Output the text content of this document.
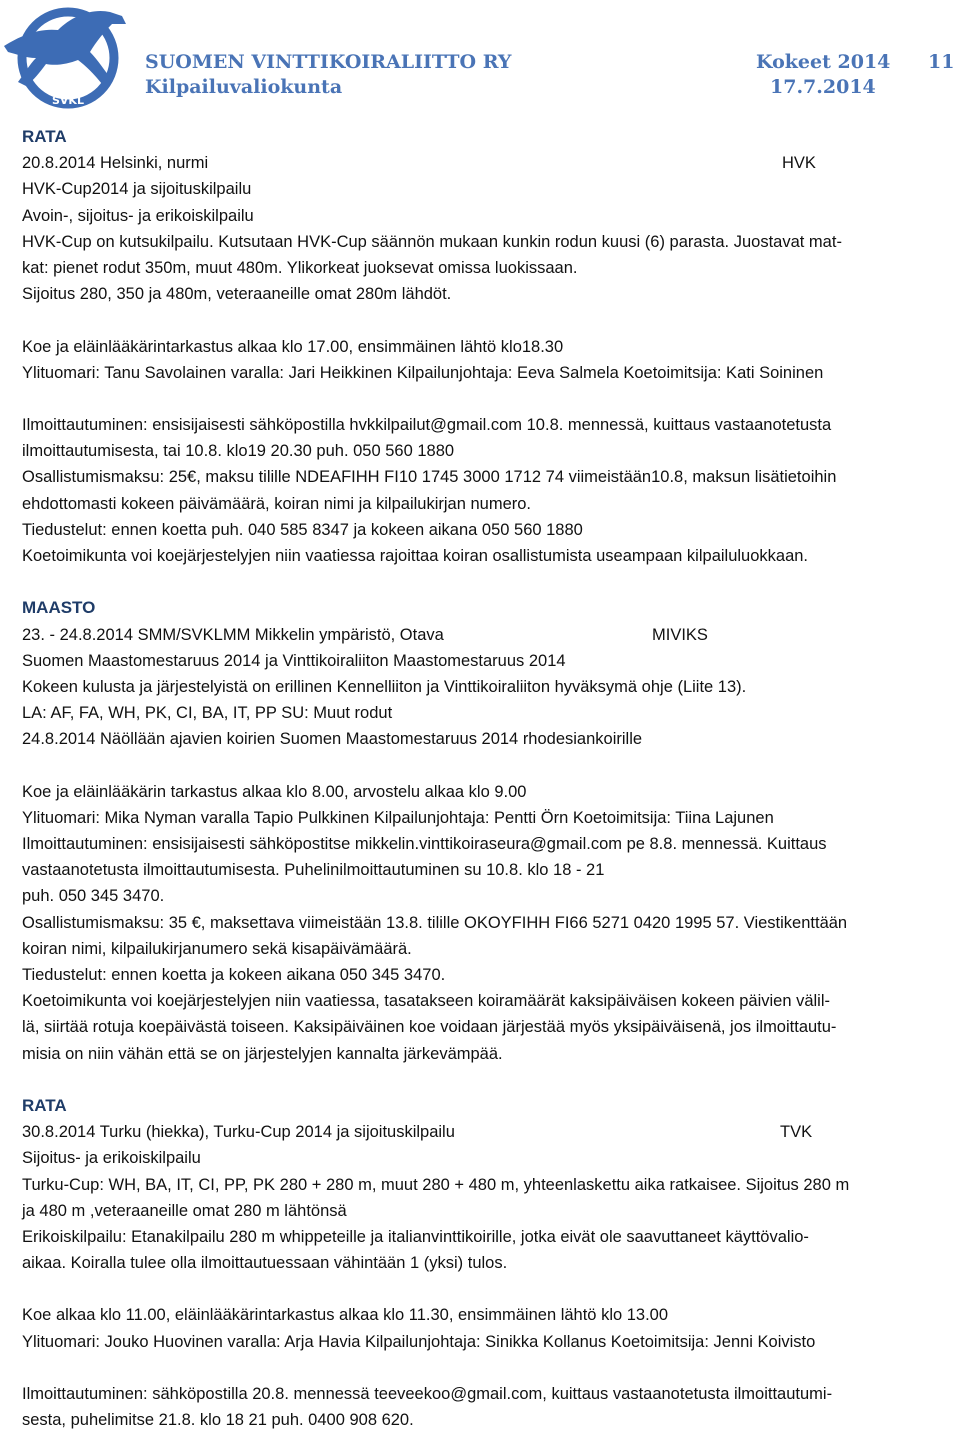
SVKL
SUOMEN VINTTIKOIRALIITTO RY
Kilpailuvaliokunta
Kokeet 2014
17.7.2014
11
RATA
20.8.2014 Helsinki, nurmi	HVK
HVK-Cup2014 ja sijoituskilpailu
Avoin-, sijoitus- ja erikoiskilpailu
HVK-Cup on kutsukilpailu. Kutsutaan HVK-Cup säännön mukaan kunkin rodun kuusi (6) parasta. Juostavat mat-
kat: pienet rodut 350m, muut 480m. Ylikorkeat juoksevat omissa luokissaan.
Sijoitus 280, 350 ja 480m, veteraaneille omat 280m lähdöt.
Koe ja eläinlääkärintarkastus alkaa klo 17.00, ensimmäinen lähtö klo18.30
Ylituomari: Tanu Savolainen varalla: Jari Heikkinen Kilpailunjohtaja: Eeva Salmela Koetoimitsija: Kati Soininen
Ilmoittautuminen: ensisijaisesti sähköpostilla hvkkilpailut@gmail.com 10.8. mennessä, kuittaus vastaanotetusta
ilmoittautumisesta, tai 10.8. klo19 20.30 puh. 050 560 1880
Osallistumismaksu: 25€, maksu tilille NDEAFIHH FI10 1745 3000 1712 74 viimeistään10.8, maksun lisätietoihin
ehdottomasti kokeen päivämäärä, koiran nimi ja kilpailukirjan numero.
Tiedustelut: ennen koetta puh. 040 585 8347 ja kokeen aikana 050 560 1880
Koetoimikunta voi koejärjestelyjen niin vaatiessa rajoittaa koiran osallistumista useampaan kilpailuluokkaan.
MAASTO
23. - 24.8.2014 SMM/SVKLMM Mikkelin ympäristö, Otava	MIVIKS
Suomen Maastomestaruus 2014 ja Vinttikoiraliiton Maastomestaruus 2014
Kokeen kulusta ja järjestelyistä on erillinen Kennelliiton ja Vinttikoiraliiton hyväksymä ohje (Liite 13).
LA: AF, FA, WH, PK, CI, BA, IT, PP SU: Muut rodut
24.8.2014 Näöllään ajavien koirien Suomen Maastomestaruus 2014 rhodesiankoirille
Koe ja eläinlääkärin tarkastus alkaa klo 8.00, arvostelu alkaa klo 9.00
Ylituomari: Mika Nyman varalla Tapio Pulkkinen Kilpailunjohtaja: Pentti Örn Koetoimitsija: Tiina Lajunen
Ilmoittautuminen: ensisijaisesti sähköpostitse mikkelin.vinttikoiraseura@gmail.com pe 8.8. mennessä. Kuittaus
vastaanotetusta ilmoittautumisesta. Puhelinilmoittautuminen su 10.8. klo 18 - 21
puh. 050 345 3470.
Osallistumismaksu: 35 €, maksettava viimeistään 13.8. tilille OKOYFIHH FI66 5271 0420 1995 57. Viestikenttään
koiran nimi, kilpailukirjanumero sekä kisapäivämäärä.
Tiedustelut: ennen koetta ja kokeen aikana 050 345 3470.
Koetoimikunta voi koejärjestelyjen niin vaatiessa, tasatakseen koiramäärät kaksipäiväisen kokeen päivien välil-
lä, siirtää rotuja koepäivästä toiseen. Kaksipäiväinen koe voidaan järjestää myös yksipäiväisenä, jos ilmoittautu-
misia on niin vähän että se on järjestelyjen kannalta järkevämpää.
RATA
30.8.2014 Turku (hiekka), Turku-Cup 2014 ja sijoituskilpailu	TVK
Sijoitus- ja erikoiskilpailu
Turku-Cup: WH, BA, IT, CI, PP, PK 280 + 280 m, muut 280 + 480 m, yhteenlaskettu aika ratkaisee. Sijoitus 280 m
ja 480 m ,veteraaneille omat 280 m lähtönsä
Erikoiskilpailu: Etanakilpailu 280 m whippeteille ja italianvinttikoirille, jotka eivät ole saavuttaneet käyttövalio-
aikaa. Koiralla tulee olla ilmoittautuessaan vähintään 1 (yksi) tulos.
Koe alkaa klo 11.00, eläinlääkärintarkastus alkaa klo 11.30, ensimmäinen lähtö klo 13.00
Ylituomari: Jouko Huovinen varalla: Arja Havia Kilpailunjohtaja: Sinikka Kollanus Koetoimitsija: Jenni Koivisto
Ilmoittautuminen: sähköpostilla 20.8. mennessä teeveekoo@gmail.com, kuittaus vastaanotetusta ilmoittautumi-
sesta, puhelimitse 21.8. klo 18 21 puh. 0400 908 620.
